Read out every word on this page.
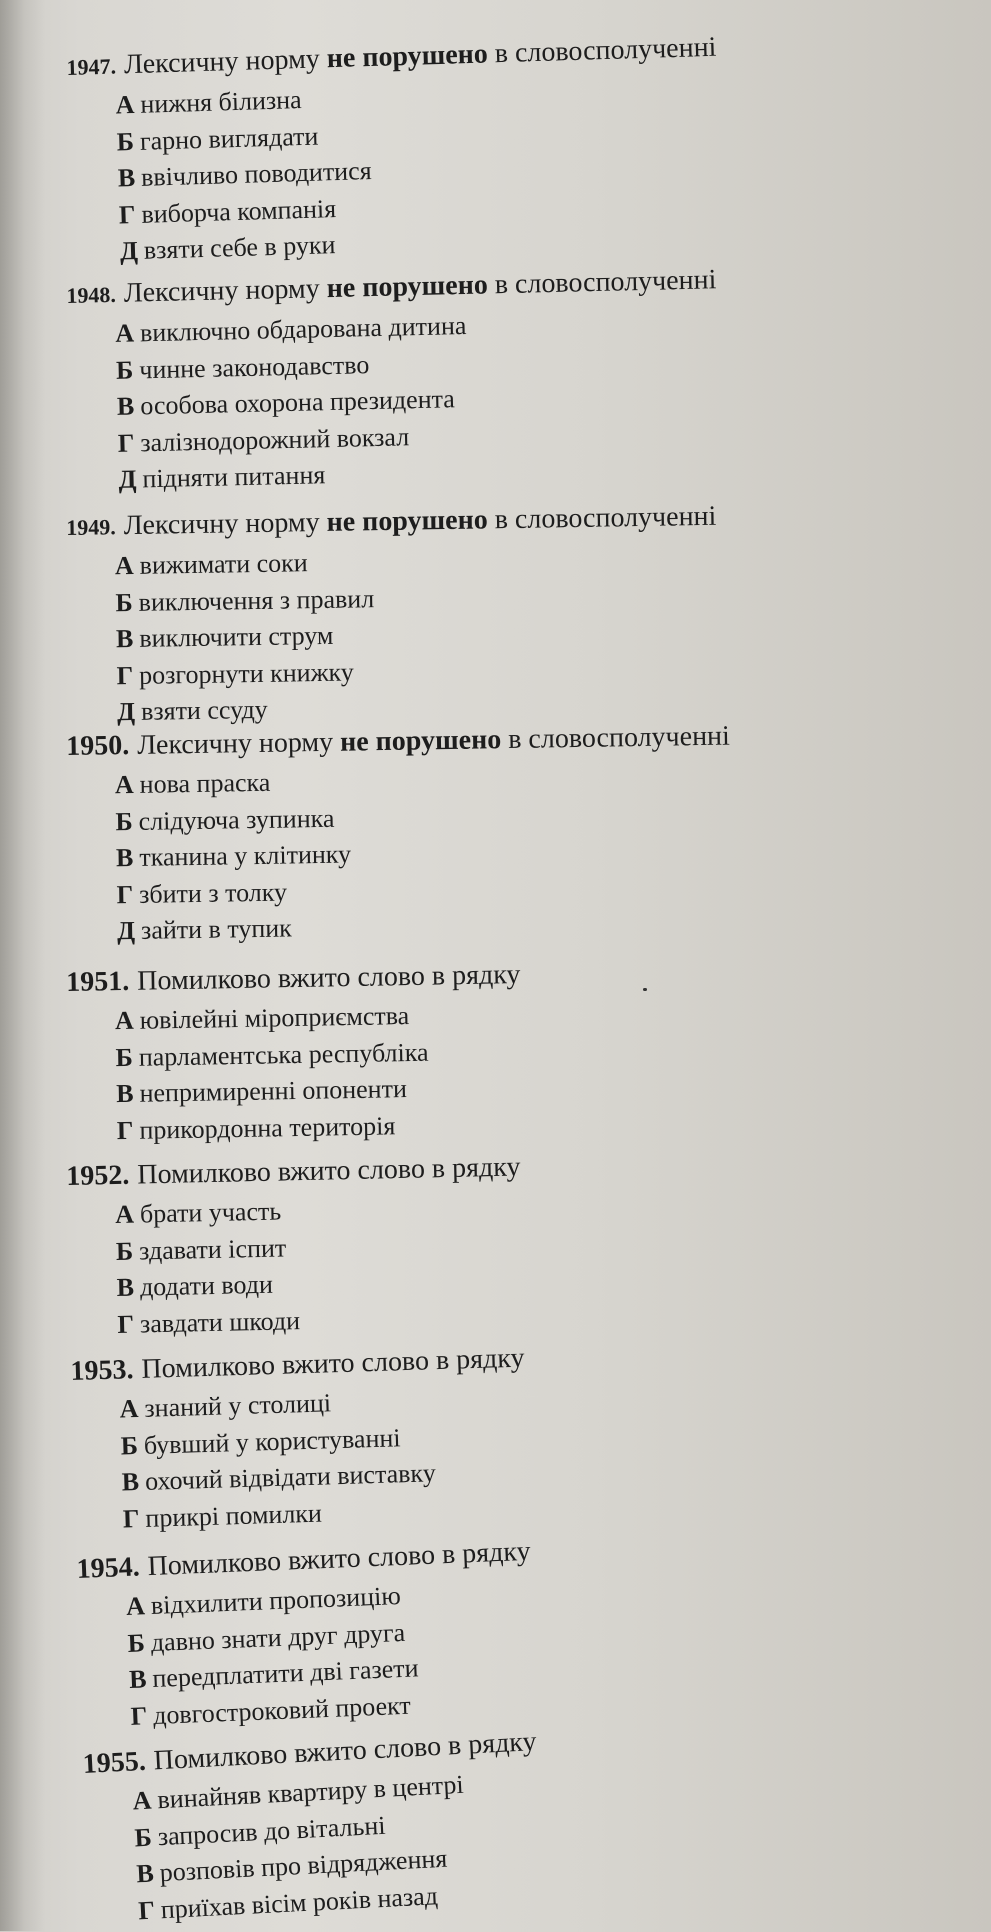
1947. Лексичну норму не порушено в словосполученні
А нижня білизна
Б гарно виглядати
В ввічливо поводитися
Г виборча компанія
Д взяти себе в руки
1948. Лексичну норму не порушено в словосполученні
А виключно обдарована дитина
Б чинне законодавство
В особова охорона президента
Г залізнодорожний вокзал
Д підняти питання
1949. Лексичну норму не порушено в словосполученні
А вижимати соки
Б виключення з правил
В виключити струм
Г розгорнути книжку
Д взяти ссуду
1950. Лексичну норму не порушено в словосполученні
А нова праска
Б слідуюча зупинка
В тканина у клітинку
Г збити з толку
Д зайти в тупик
1951. Помилково вжито слово в рядку
А ювілейні міроприємства
Б парламентська республіка
В непримиренні опоненти
Г прикордонна територія
1952. Помилково вжито слово в рядку
А брати участь
Б здавати іспит
В додати води
Г завдати шкоди
1953. Помилково вжито слово в рядку
А знаний у столиці
Б бувший у користуванні
В охочий відвідати виставку
Г прикрі помилки
1954. Помилково вжито слово в рядку
А відхилити пропозицію
Б давно знати друг друга
В передплатити дві газети
Г довгостроковий проект
1955. Помилково вжито слово в рядку
А винайняв квартиру в центрі
Б запросив до вітальні
В розповів про відрядження
Г приїхав вісім років назад
